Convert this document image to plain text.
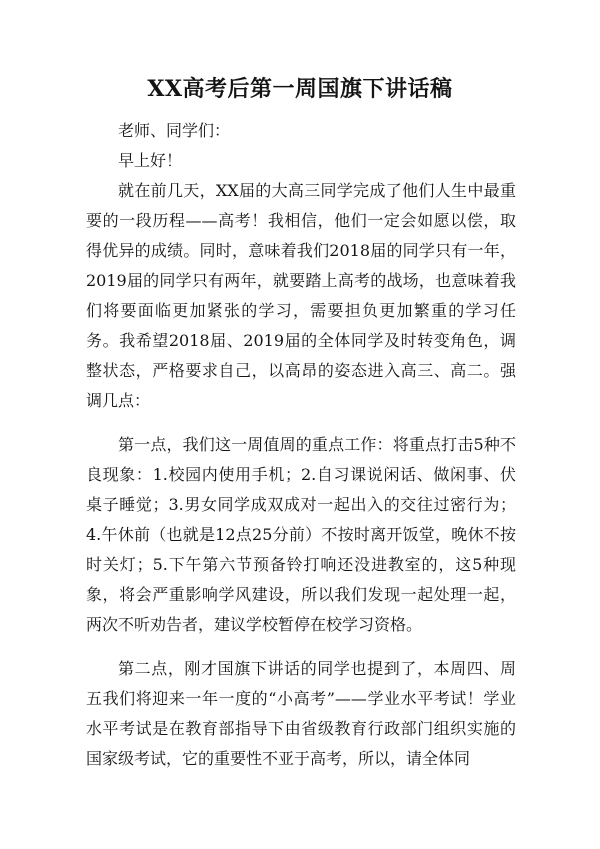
XX高考后第一周国旗下讲话稿

老师、同学们：

早上好！

就在前几天，XX届的大高三同学完成了他们人生中最重要的一段历程——高考！我相信，他们一定会如愿以偿，取得优异的成绩。同时，意味着我们2018届的同学只有一年，2019届的同学只有两年，就要踏上高考的战场，也意味着我们将要面临更加紧张的学习，需要担负更加繁重的学习任务。我希望2018届、2019届的全体同学及时转变角色，调整状态，严格要求自己，以高昂的姿态进入高三、高二。强调几点：

第一点，我们这一周值周的重点工作：将重点打击5种不良现象：1.校园内使用手机；2.自习课说闲话、做闲事、伏桌子睡觉；3.男女同学成双成对一起出入的交往过密行为；4.午休前（也就是12点25分前）不按时离开饭堂，晚休不按时关灯；5.下午第六节预备铃打响还没进教室的，这5种现象，将会严重影响学风建设，所以我们发现一起处理一起，两次不听劝告者，建议学校暂停在校学习资格。

第二点，刚才国旗下讲话的同学也提到了，本周四、周五我们将迎来一年一度的“小高考”——学业水平考试！学业水平考试是在教育部指导下由省级教育行政部门组织实施的国家级考试，它的重要性不亚于高考，所以，请全体同
